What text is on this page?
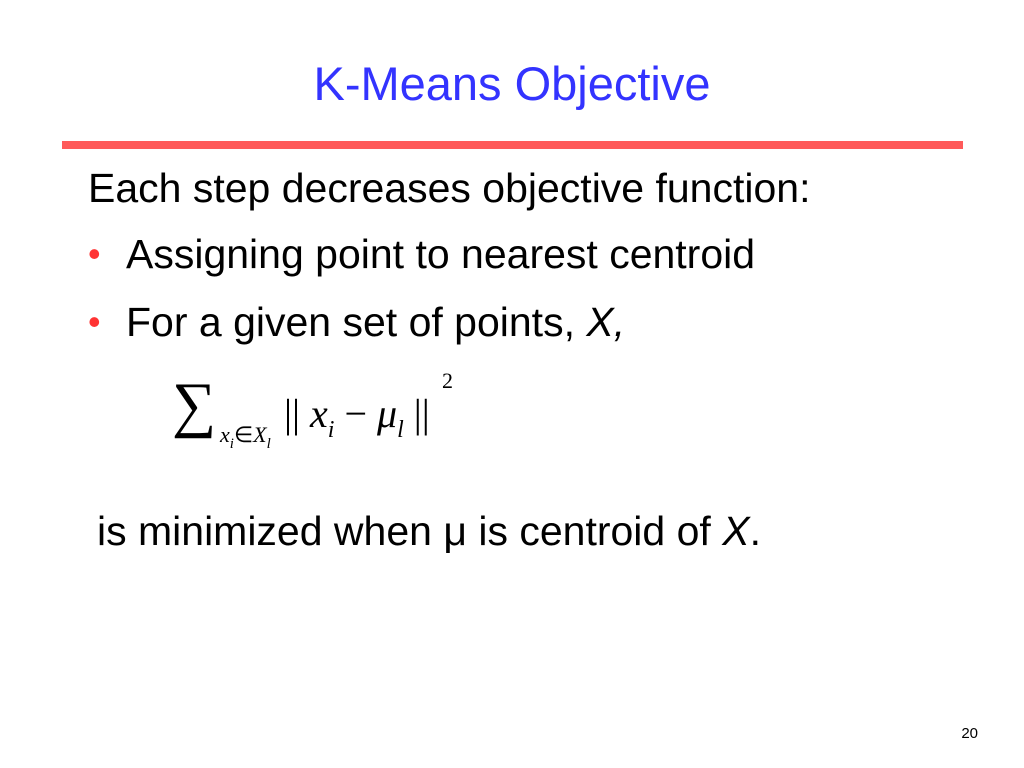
K-Means Objective
Each step decreases objective function:
• Assigning point to nearest centroid
• For a given set of points, X,
∑ $x_i\in X_l$
|| $x_i - \mu_l$ ||
2
is minimized when μ is centroid of X.
20
